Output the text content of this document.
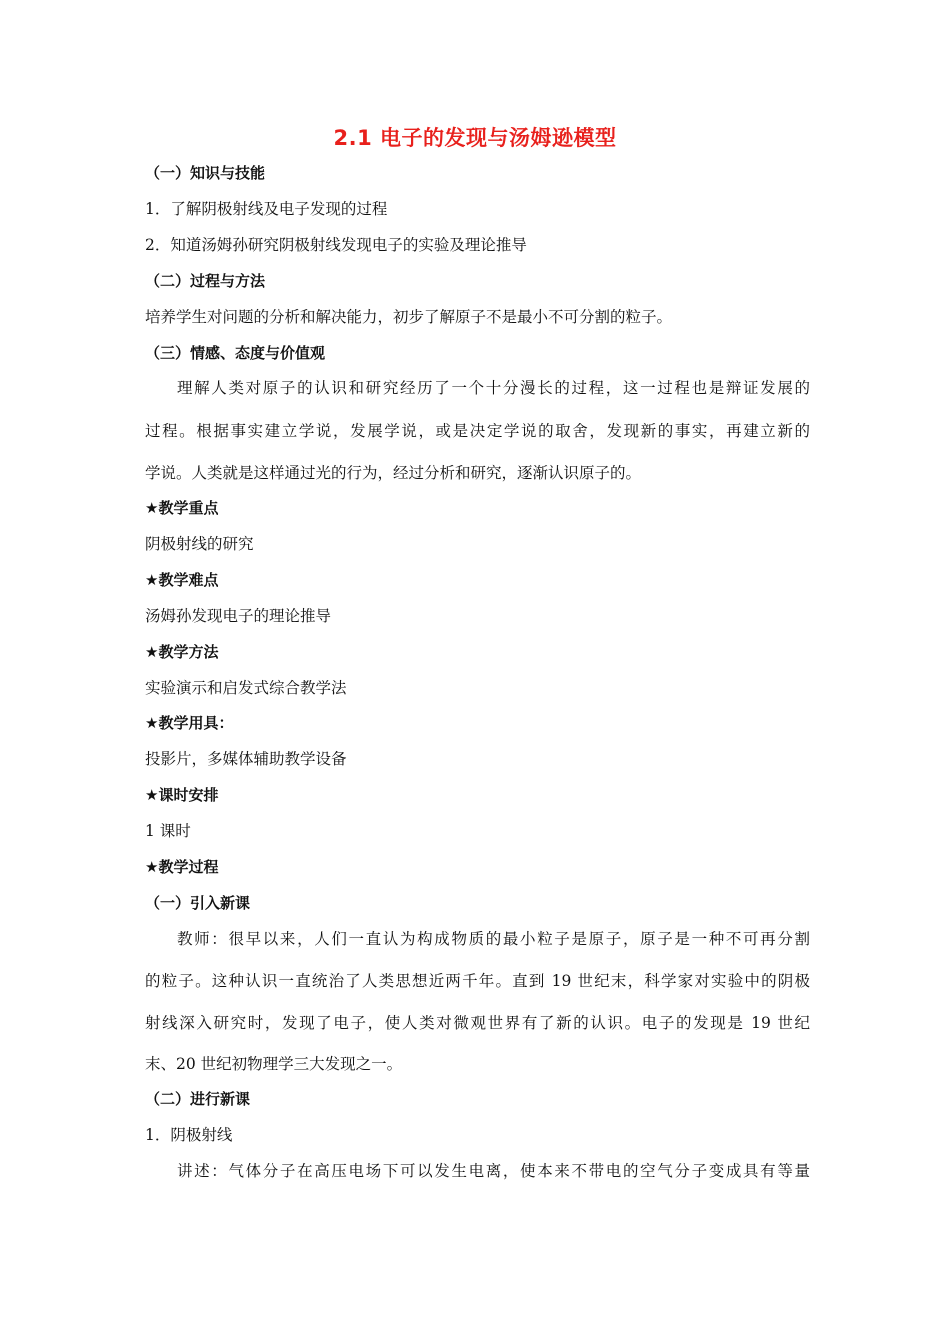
2.1 电子的发现与汤姆逊模型
（一）知识与技能
1．了解阴极射线及电子发现的过程
2．知道汤姆孙研究阴极射线发现电子的实验及理论推导
（二）过程与方法
培养学生对问题的分析和解决能力，初步了解原子不是最小不可分割的粒子。
（三）情感、态度与价值观
理解人类对原子的认识和研究经历了一个十分漫长的过程，这一过程也是辩证发展的
过程。根据事实建立学说，发展学说，或是决定学说的取舍，发现新的事实，再建立新的
学说。人类就是这样通过光的行为，经过分析和研究，逐渐认识原子的。
★教学重点
阴极射线的研究
★教学难点
汤姆孙发现电子的理论推导
★教学方法
实验演示和启发式综合教学法
★教学用具：
投影片，多媒体辅助教学设备
★课时安排
1 课时
★教学过程
（一）引入新课
教师：很早以来，人们一直认为构成物质的最小粒子是原子，原子是一种不可再分割
的粒子。这种认识一直统治了人类思想近两千年。直到 19 世纪末，科学家对实验中的阴极
射线深入研究时，发现了电子，使人类对微观世界有了新的认识。电子的发现是 19 世纪
末、20 世纪初物理学三大发现之一。
（二）进行新课
1．阴极射线
讲述：气体分子在高压电场下可以发生电离，使本来不带电的空气分子变成具有等量
